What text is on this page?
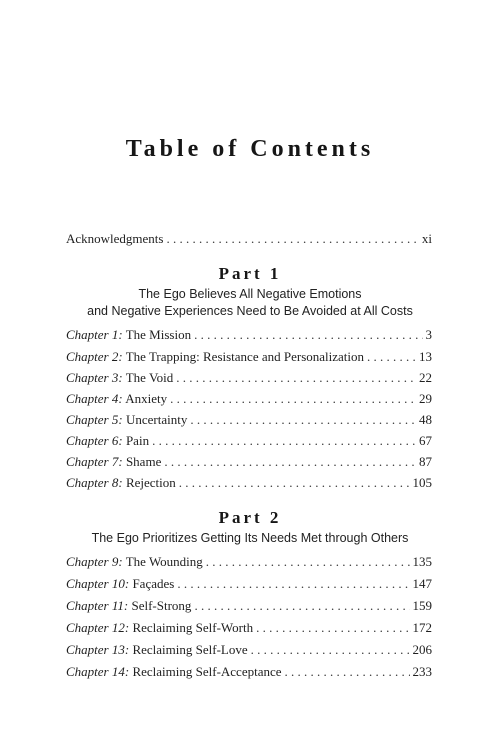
Table of Contents
Acknowledgments . . .	xi
Part 1
The Ego Believes All Negative Emotions
and Negative Experiences Need to Be Avoided at All Costs
Chapter 1: The Mission . . .	3
Chapter 2: The Trapping: Resistance and Personalization . . .	13
Chapter 3: The Void . . .	22
Chapter 4: Anxiety . . .	29
Chapter 5: Uncertainty . . .	48
Chapter 6: Pain . . .	67
Chapter 7: Shame . . .	87
Chapter 8: Rejection . . .	105
Part 2
The Ego Prioritizes Getting Its Needs Met through Others
Chapter 9: The Wounding . . .	135
Chapter 10: Façades . . .	147
Chapter 11: Self-Strong . . .	159
Chapter 12: Reclaiming Self-Worth . . .	172
Chapter 13: Reclaiming Self-Love . . .	206
Chapter 14: Reclaiming Self-Acceptance . . .	233
